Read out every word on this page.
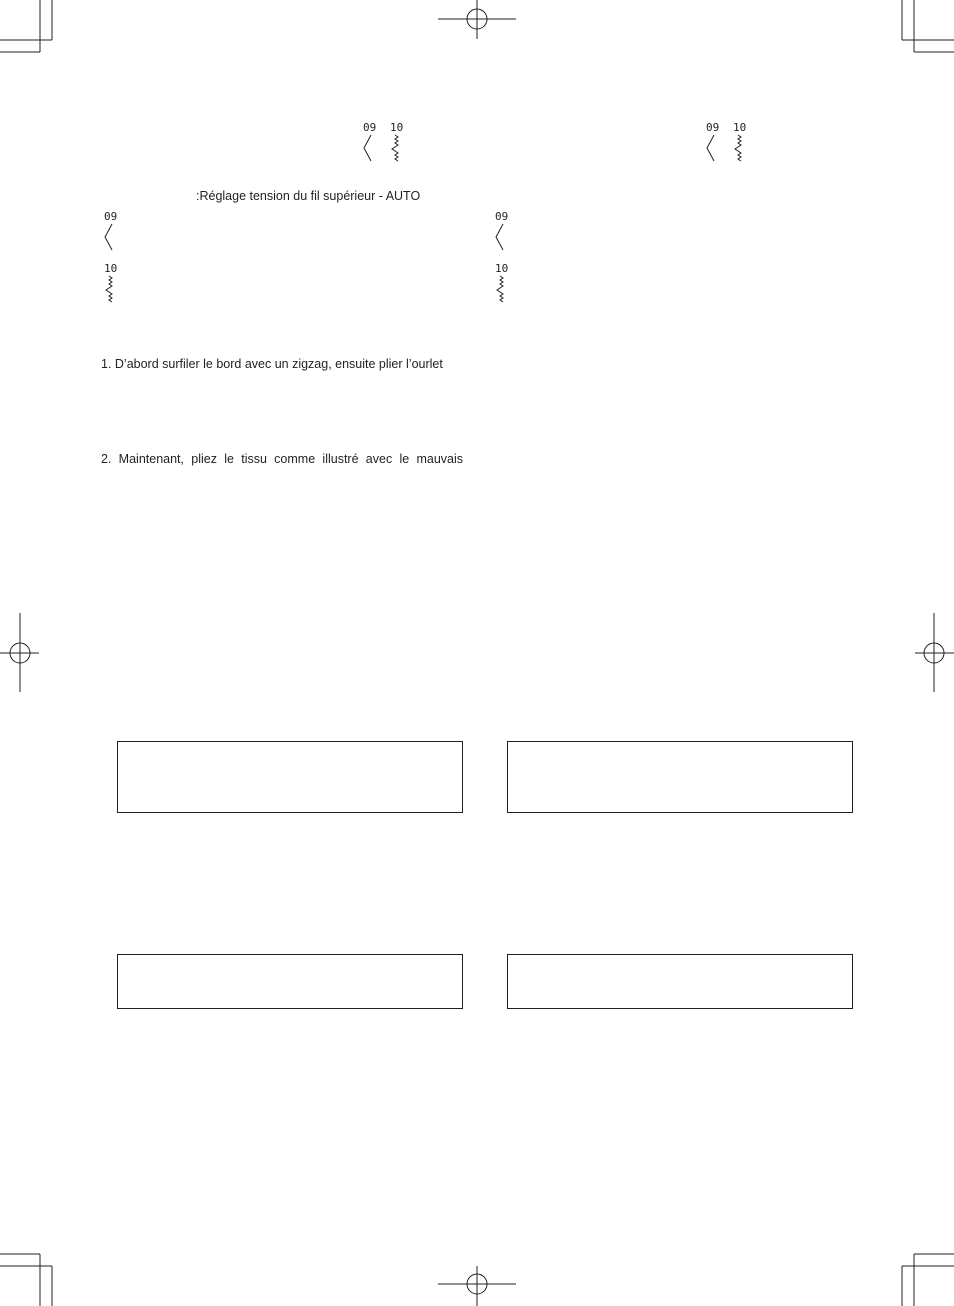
09 10	09 10
:Réglage tension du fil supérieur - AUTO
09
10
09
10
1. D’abord surfiler le bord avec un zigzag, ensuite plier l’ourlet
2. Maintenant, pliez le tissu comme illustré avec le mauvais
